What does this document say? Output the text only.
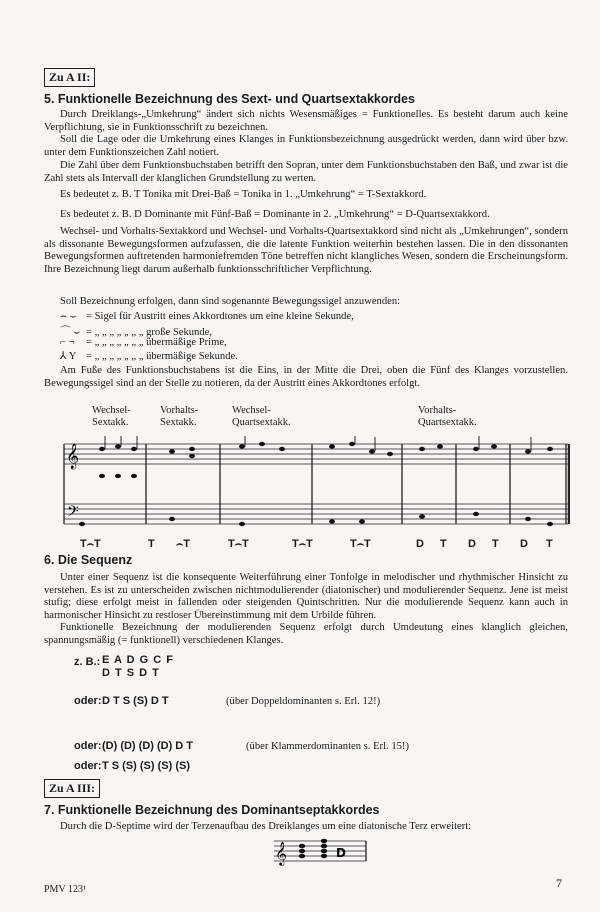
Zu A II:
5. Funktionelle Bezeichnung des Sext- und Quartsextakkordes
Durch Dreiklangs-„Umkehrung“ ändert sich nichts Wesensmäßiges = Funktionelles. Es besteht darum auch keine Verpflichtung, sie in Funktionsschrift zu bezeichnen.
Soll die Lage oder die Umkehrung eines Klanges in Funktionsbezeichnung ausgedrückt werden, dann wird über bzw. unter dem Funktionszeichen Zahl notiert.
Die Zahl über dem Funktionsbuchstaben betrifft den Sopran, unter dem Funktionsbuchstaben den Baß, und zwar ist die Zahl stets als Intervall der klanglichen Grundstellung zu werten.
Es bedeutet z. B. T Tonika mit Drei-Baß = Tonika in 1. „Umkehrung“ = T-Sextakkord.
Es bedeutet z. B. D Dominante mit Fünf-Baß = Dominante in 2. „Umkehrung“ = D-Quartsextakkord.
Wechsel- und Vorhalts-Sextakkord und Wechsel- und Vorhalts-Quartsextakkord sind nicht als „Umkehrungen“, sondern als dissonante Bewegungsformen aufzufassen, die die latente Funktion weiterhin bestehen lassen. Die in den dissonanten Bewegungsformen auftretenden harmoniefremden Töne betreffen nicht klangliches Wesen, sondern die Erscheinungsform. Ihre Bezeichnung liegt darum außerhalb funktionsschriftlicher Verpflichtung.
Soll Bezeichnung erfolgen, dann sind sogenannte Bewegungssigel anzuwenden:
⌢ ⌣ = Sigel für Austritt eines Akkordtones um eine kleine Sekunde,
⌒ ⌣ = „ „ „ „ „ „ „ große Sekunde,
⌐ ¬ = „ „ „ „ „ „ „ übermäßige Prime,
⅄ Y = „ „ „ „ „ „ „ übermäßige Sekunde.
Am Fuße des Funktionsbuchstabens ist die Eins, in der Mitte die Drei, oben die Fünf des Klanges vorzustellen. Bewegungssigel sind an der Stelle zu notieren, da der Austritt eines Akkordtones erfolgt.
Wechsel-
Sextakk.
Vorhalts-
Sextakk.
Wechsel-
Quartsextakk.
Vorhalts-
Quartsextakk.
𝄞
𝄢
T⌢T	T ⌢T	T⌢T	T⌢T	T⌢T	D T D T D T
6. Die Sequenz
Unter einer Sequenz ist die konsequente Weiterführung einer Tonfolge in melodischer und rhythmischer Hinsicht zu verstehen. Es ist zu unterscheiden zwischen nichtmodulierender (diatonischer) und modulierender Sequenz. Jene ist meist stufig; diese erfolgt meist in fallenden oder steigenden Quintschritten. Nur die modulierende Sequenz kann auch in harmonischer Hinsicht zu restloser Übereinstimmung mit dem Urbilde führen.
Funktionelle Bezeichnung der modulierenden Sequenz erfolgt durch Umdeutung eines klanglich gleichen, spannungsmäßig (= funktionell) verschiedenen Klanges.
z. B.: E A D G C F
D T S D T
oder: D T S (S) D T	(über Doppeldominanten s. Erl. 12!)
oder: (D) (D) (D) (D) D T	(über Klammerdominanten s. Erl. 15!)
oder: T S (S) (S) (S) (S)
Zu A III:
7. Funktionelle Bezeichnung des Dominantseptakkordes
Durch die D-Septime wird der Terzenaufbau des Dreiklanges um eine diatonische Terz erweitert:
𝄞	D
PMV 123¹	7
